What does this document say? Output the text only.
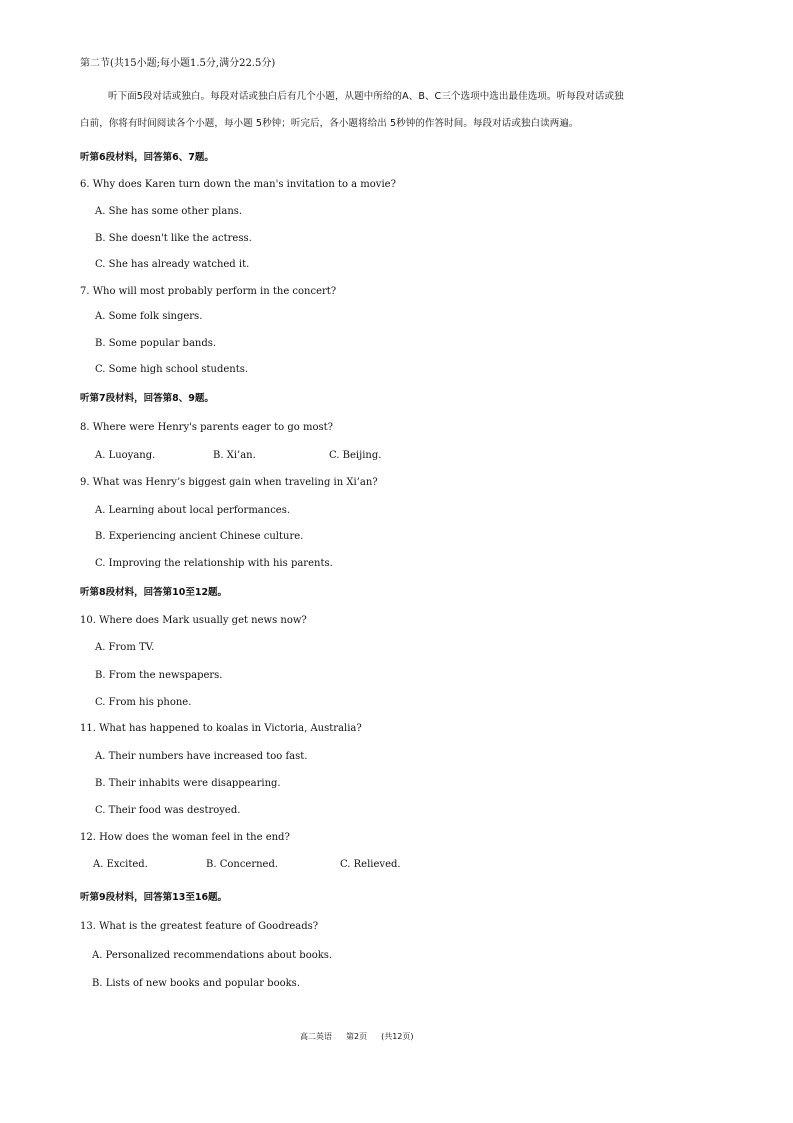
第二节(共15小题;每小题1.5分,满分22.5分)
听下面5段对话或独白。每段对话或独白后有几个小题，从题中所给的A、B、C三个选项中选出最佳选项。听每段对话或独
白前，你将有时间阅读各个小题，每小题 5秒钟；听完后，各小题将给出 5秒钟的作答时间。每段对话或独白读两遍。
听第6段材料，回答第6、7题。
6. Why does Karen turn down the man's invitation to a movie?
A. She has some other plans.
B. She doesn't like the actress.
C. She has already watched it.
7. Who will most probably perform in the concert?
A. Some folk singers.
B. Some popular bands.
C. Some high school students.
听第7段材料，回答第8、9题。
8. Where were Henry's parents eager to go most?
A. Luoyang.	B. Xi’an.	C. Beijing.
9. What was Henry’s biggest gain when traveling in Xi’an?
A. Learning about local performances.
B. Experiencing ancient Chinese culture.
C. Improving the relationship with his parents.
听第8段材料，回答第10至12题。
10. Where does Mark usually get news now?
A. From TV.
B. From the newspapers.
C. From his phone.
11. What has happened to koalas in Victoria, Australia?
A. Their numbers have increased too fast.
B. Their inhabits were disappearing.
C. Their food was destroyed.
12. How does the woman feel in the end?
A. Excited.	B. Concerned.	C. Relieved.
听第9段材料，回答第13至16题。
13. What is the greatest feature of Goodreads?
A. Personalized recommendations about books.
B. Lists of new books and popular books.
高二英语 第2页 (共12页)
